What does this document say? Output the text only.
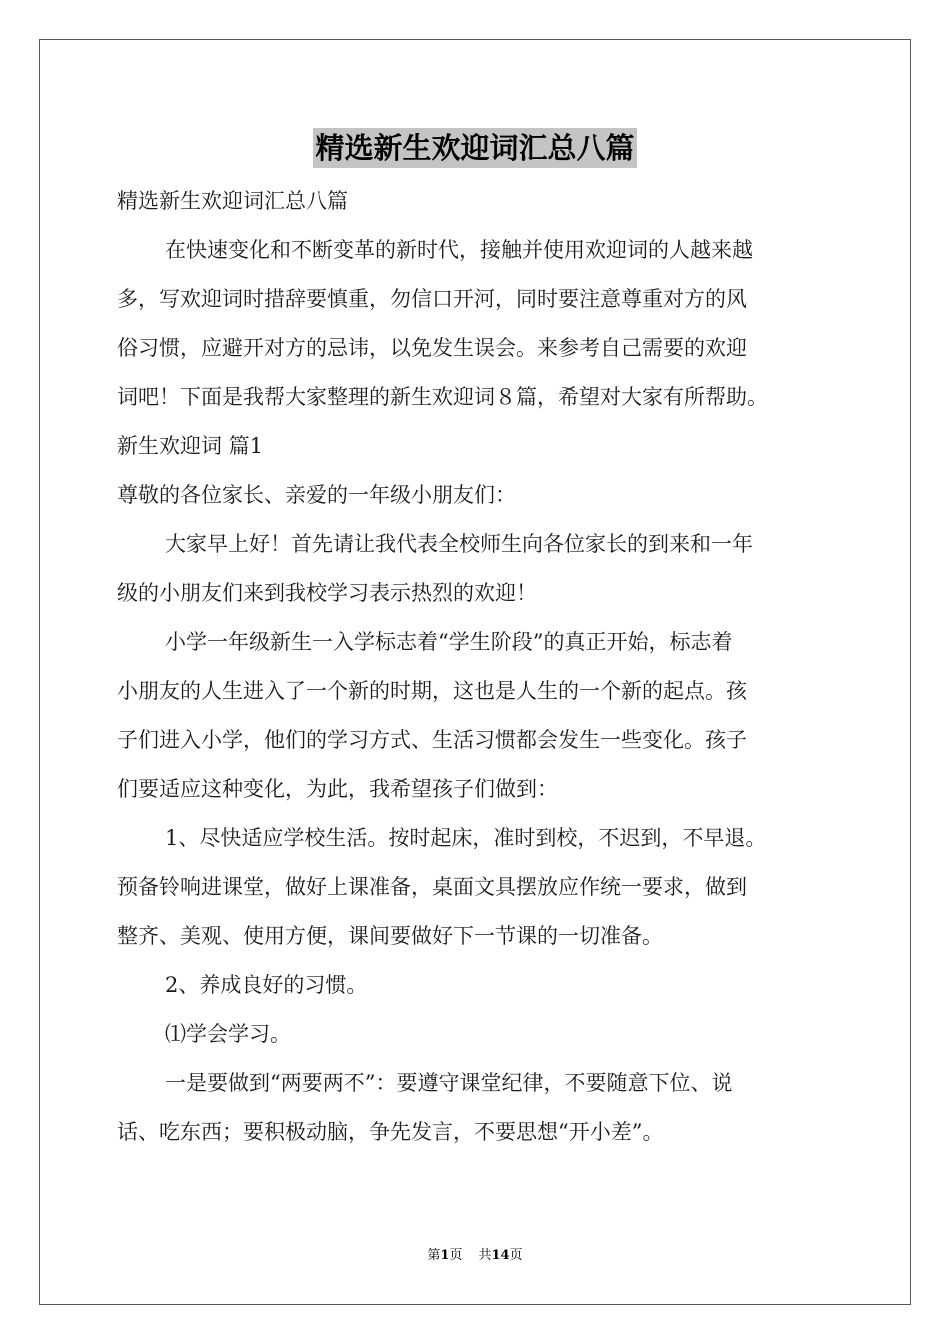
精选新生欢迎词汇总八篇

精选新生欢迎词汇总八篇

在快速变化和不断变革的新时代，接触并使用欢迎词的人越来越

多，写欢迎词时措辞要慎重，勿信口开河，同时要注意尊重对方的风

俗习惯，应避开对方的忌讳，以免发生误会。来参考自己需要的欢迎

词吧！下面是我帮大家整理的新生欢迎词８篇，希望对大家有所帮助。

新生欢迎词 篇1

尊敬的各位家长、亲爱的一年级小朋友们：

大家早上好！首先请让我代表全校师生向各位家长的到来和一年

级的小朋友们来到我校学习表示热烈的欢迎！

小学一年级新生一入学标志着“学生阶段”的真正开始，标志着

小朋友的人生进入了一个新的时期，这也是人生的一个新的起点。孩

子们进入小学，他们的学习方式、生活习惯都会发生一些变化。孩子

们要适应这种变化，为此，我希望孩子们做到：

1、尽快适应学校生活。按时起床，准时到校，不迟到，不早退。

预备铃响进课堂，做好上课准备，桌面文具摆放应作统一要求，做到

整齐、美观、使用方便，课间要做好下一节课的一切准备。

2、养成良好的习惯。

⑴学会学习。

一是要做到“两要两不”：要遵守课堂纪律，不要随意下位、说

话、吃东西；要积极动脑，争先发言，不要思想“开小差”。

第1页 共14页
